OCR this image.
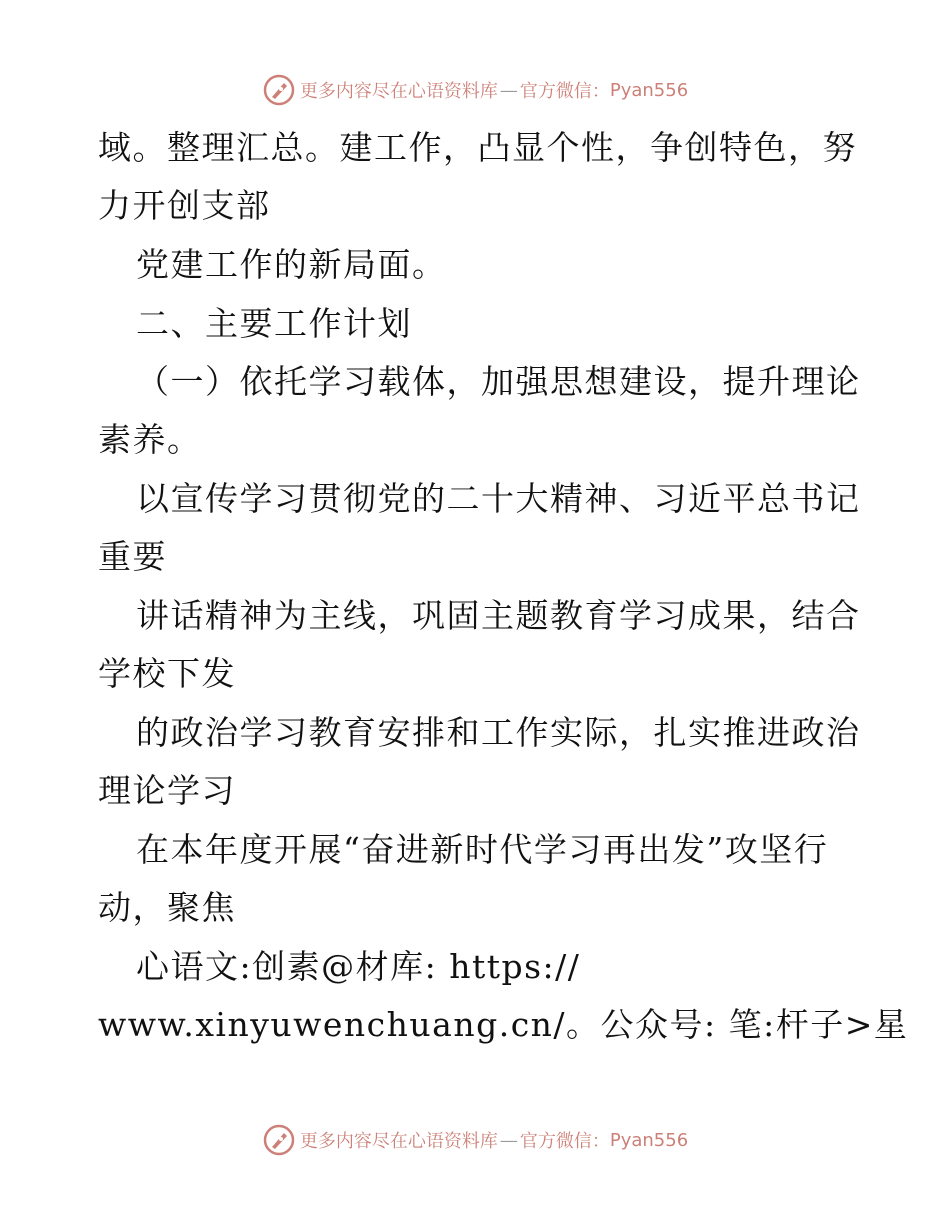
更多内容尽在心语资料库 — 官方微信： Pyan556
域。整理汇总。建工作，凸显个性，争创特色，努
力开创支部
党建工作的新局面。
二、主要工作计划
（一）依托学习载体，加强思想建设，提升理论
素养。
以宣传学习贯彻党的二十大精神、习近平总书记
重要
讲话精神为主线，巩固主题教育学习成果，结合
学校下发
的政治学习教育安排和工作实际，扎实推进政治
理论学习
在本年度开展“奋进新时代学习再出发”攻坚行
动，聚焦
心语文:创素@材库: https://
www.xinyuwenchuang.cn/。公众号: 笔:杆子>星
更多内容尽在心语资料库 — 官方微信： Pyan556
